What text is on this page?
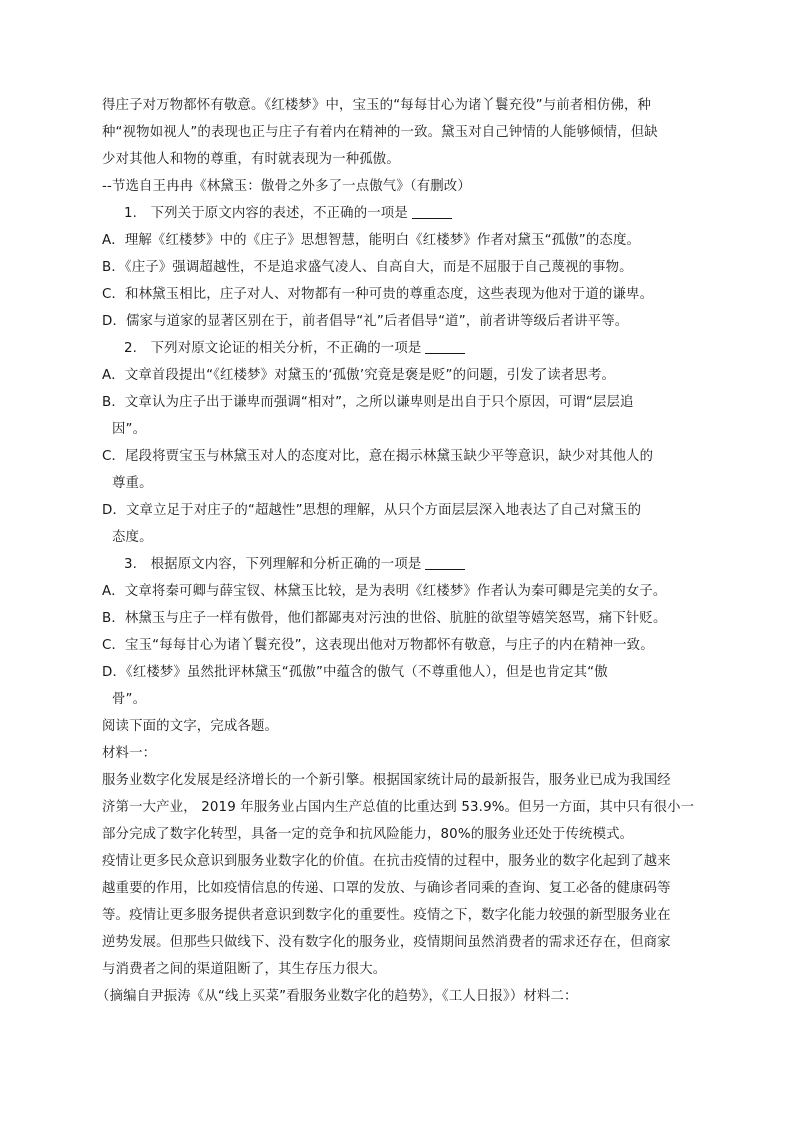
得庄子对万物都怀有敬意。《红楼梦》中，宝玉的“每每甘心为诸丫鬟充役”与前者相仿佛，种

种“视物如视人”的表现也正与庄子有着内在精神的一致。黛玉对自己钟情的人能够倾情，但缺

少对其他人和物的尊重，有时就表现为一种孤傲。

--节选自王冉冉《林黛玉：傲骨之外多了一点傲气》（有删改）

1.　下列关于原文内容的表述，不正确的一项是

A．理解《红楼梦》中的《庄子》思想智慧，能明白《红楼梦》作者对黛玉“孤傲”的态度。

B．《庄子》强调超越性，不是追求盛气凌人、自高自大，而是不屈服于自己蔑视的事物。

C．和林黛玉相比，庄子对人、对物都有一种可贵的尊重态度，这些表现为他对于道的谦卑。

D．儒家与道家的显著区别在于，前者倡导“礼”后者倡导“道”，前者讲等级后者讲平等。

2.　下列对原文论证的相关分析，不正确的一项是

A．文章首段提出“《红楼梦》对黛玉的‘孤傲’究竟是褒是贬”的问题，引发了读者思考。

B．文章认为庄子出于谦卑而强调“相对”，之所以谦卑则是出自于只个原因，可谓“层层追

因”。

C．尾段将贾宝玉与林黛玉对人的态度对比，意在揭示林黛玉缺少平等意识，缺少对其他人的

尊重。

D．文章立足于对庄子的“超越性”思想的理解，从只个方面层层深入地表达了自己对黛玉的

态度。

3.　根据原文内容，下列理解和分析正确的一项是

A．文章将秦可卿与薛宝钗、林黛玉比较，是为表明《红楼梦》作者认为秦可卿是完美的女子。

B．林黛玉与庄子一样有傲骨，他们都鄙夷对污浊的世俗、肮脏的欲望等嬉笑怒骂，痛下针贬。

C．宝玉“每每甘心为诸丫鬟充役”，这表现出他对万物都怀有敬意，与庄子的内在精神一致。

D．《红楼梦》虽然批评林黛玉“孤傲”中蕴含的傲气（不尊重他人），但是也肯定其“傲

骨”。

阅读下面的文字，完成各题。

材料一：

服务业数字化发展是经济增长的一个新引擎。根据国家统计局的最新报告，服务业已成为我国经

济第一大产业， 2019 年服务业占国内生产总值的比重达到 53.9%。但另一方面，其中只有很小一

部分完成了数字化转型，具备一定的竞争和抗风险能力，80%的服务业还处于传统模式。

疫情让更多民众意识到服务业数字化的价值。在抗击疫情的过程中，服务业的数字化起到了越来

越重要的作用，比如疫情信息的传递、口罩的发放、与确诊者同乘的查询、复工必备的健康码等

等。疫情让更多服务提供者意识到数字化的重要性。疫情之下，数字化能力较强的新型服务业在

逆势发展。但那些只做线下、没有数字化的服务业，疫情期间虽然消费者的需求还存在，但商家

与消费者之间的渠道阻断了，其生存压力很大。

（摘编自尹振涛《从“线上买菜”看服务业数字化的趋势》，《工人日报》）材料二：
